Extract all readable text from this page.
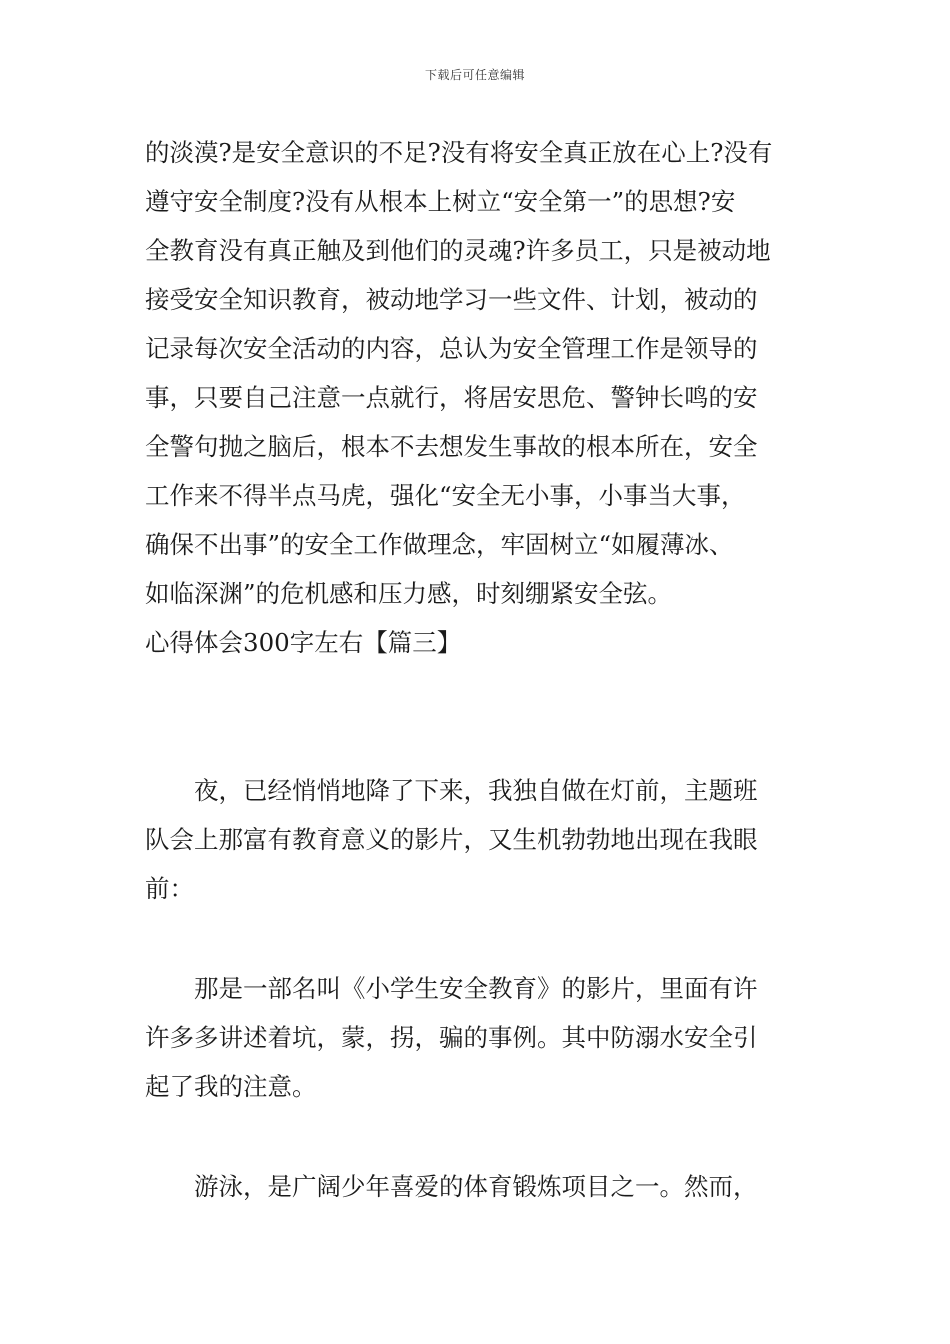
下载后可任意编辑
的淡漠?是安全意识的不足?没有将安全真正放在心上?没有
遵守安全制度?没有从根本上树立“安全第一”的思想?安
全教育没有真正触及到他们的灵魂?许多员工，只是被动地
接受安全知识教育，被动地学习一些文件、计划，被动的
记录每次安全活动的内容，总认为安全管理工作是领导的
事，只要自己注意一点就行，将居安思危、警钟长鸣的安
全警句抛之脑后，根本不去想发生事故的根本所在，安全
工作来不得半点马虎，强化“安全无小事，小事当大事，
确保不出事”的安全工作做理念，牢固树立“如履薄冰、
如临深渊”的危机感和压力感，时刻绷紧安全弦。
心得体会300字左右【篇三】
　　夜，已经悄悄地降了下来，我独自做在灯前，主题班
队会上那富有教育意义的影片，又生机勃勃地出现在我眼
前：
　　那是一部名叫《小学生安全教育》的影片，里面有许
许多多讲述着坑，蒙，拐，骗的事例。其中防溺水安全引
起了我的注意。
　　游泳，是广阔少年喜爱的体育锻炼项目之一。然而，
